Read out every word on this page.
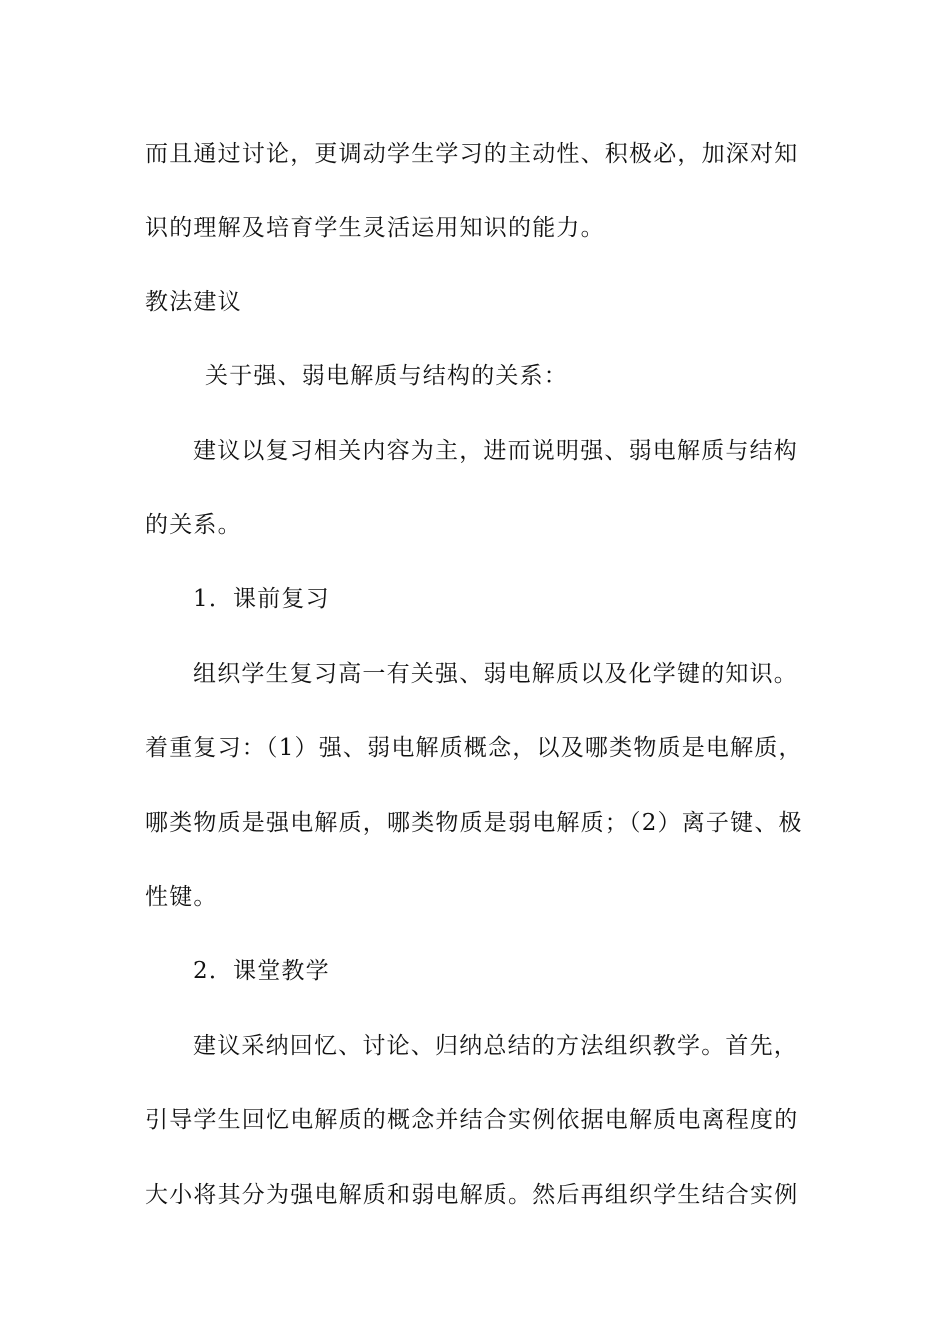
而且通过讨论，更调动学生学习的主动性、积极必，加深对知
识的理解及培育学生灵活运用知识的能力。
教法建议
关于强、弱电解质与结构的关系：
建议以复习相关内容为主，进而说明强、弱电解质与结构
的关系。
1．课前复习
组织学生复习高一有关强、弱电解质以及化学键的知识。
着重复习：（1）强、弱电解质概念，以及哪类物质是电解质，
哪类物质是强电解质，哪类物质是弱电解质；（2）离子键、极
性键。
2．课堂教学
建议采纳回忆、讨论、归纳总结的方法组织教学。首先，
引导学生回忆电解质的概念并结合实例依据电解质电离程度的
大小将其分为强电解质和弱电解质。然后再组织学生结合实例
